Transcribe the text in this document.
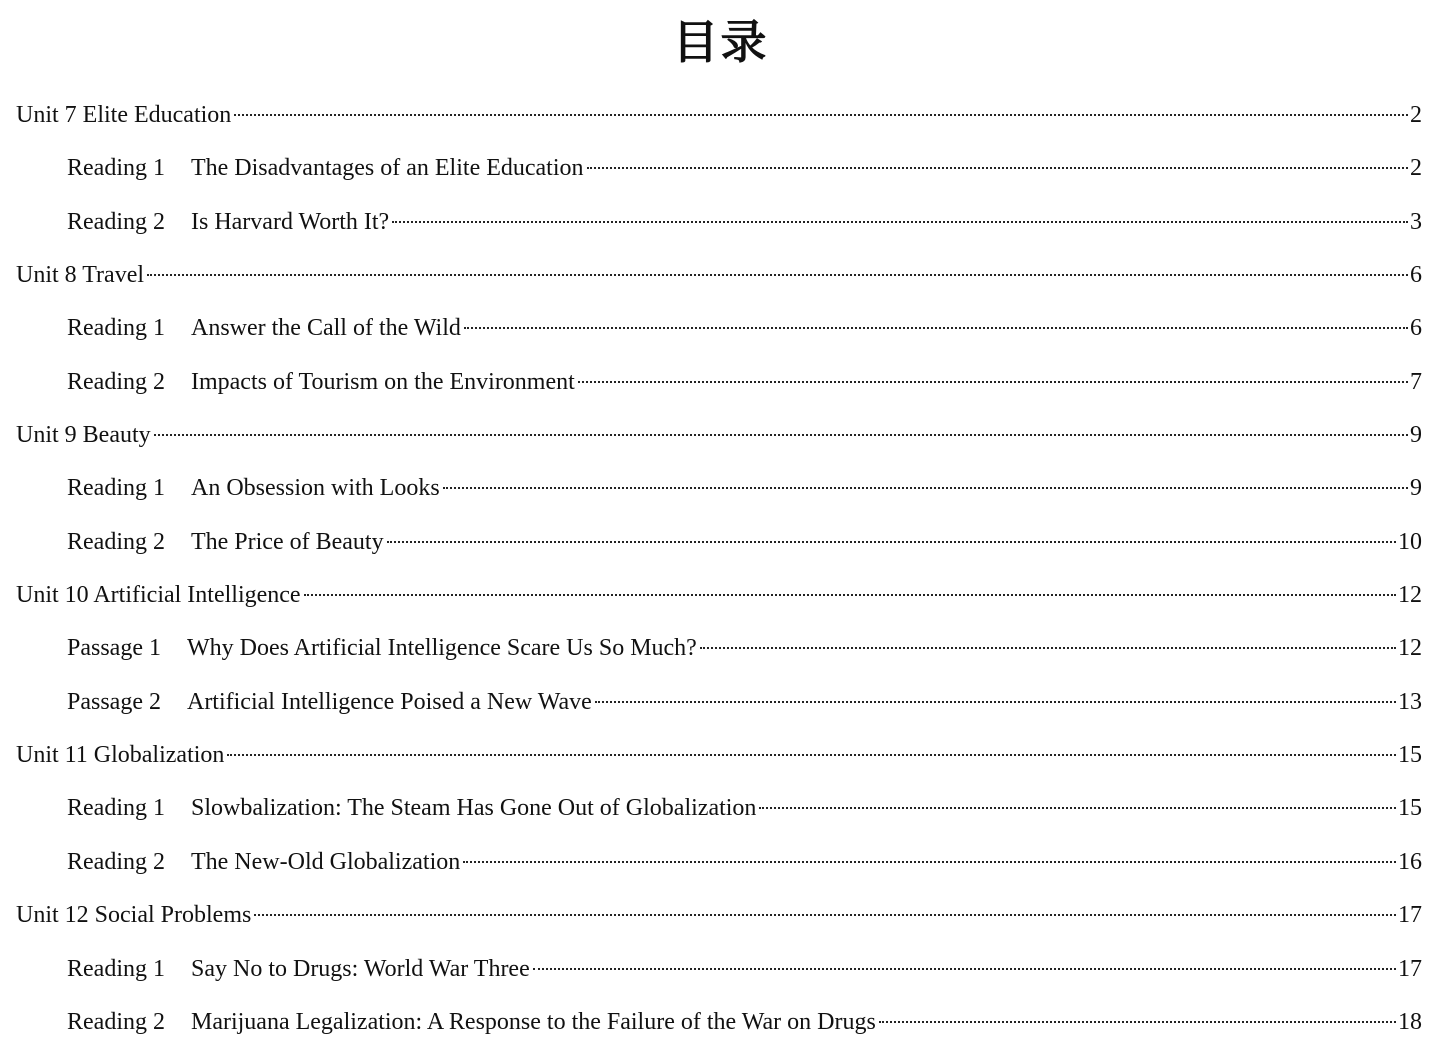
目录
Unit 7 Elite Education	2
Reading 1 The Disadvantages of an Elite Education	2
Reading 2 Is Harvard Worth It?	3
Unit 8 Travel	6
Reading 1 Answer the Call of the Wild	6
Reading 2 Impacts of Tourism on the Environment	7
Unit 9 Beauty	9
Reading 1 An Obsession with Looks	9
Reading 2 The Price of Beauty	10
Unit 10 Artificial Intelligence	12
Passage 1 Why Does Artificial Intelligence Scare Us So Much?	12
Passage 2 Artificial Intelligence Poised a New Wave	13
Unit 11 Globalization	15
Reading 1 Slowbalization: The Steam Has Gone Out of Globalization	15
Reading 2 The New-Old Globalization	16
Unit 12 Social Problems	17
Reading 1 Say No to Drugs: World War Three	17
Reading 2 Marijuana Legalization: A Response to the Failure of the War on Drugs	18
